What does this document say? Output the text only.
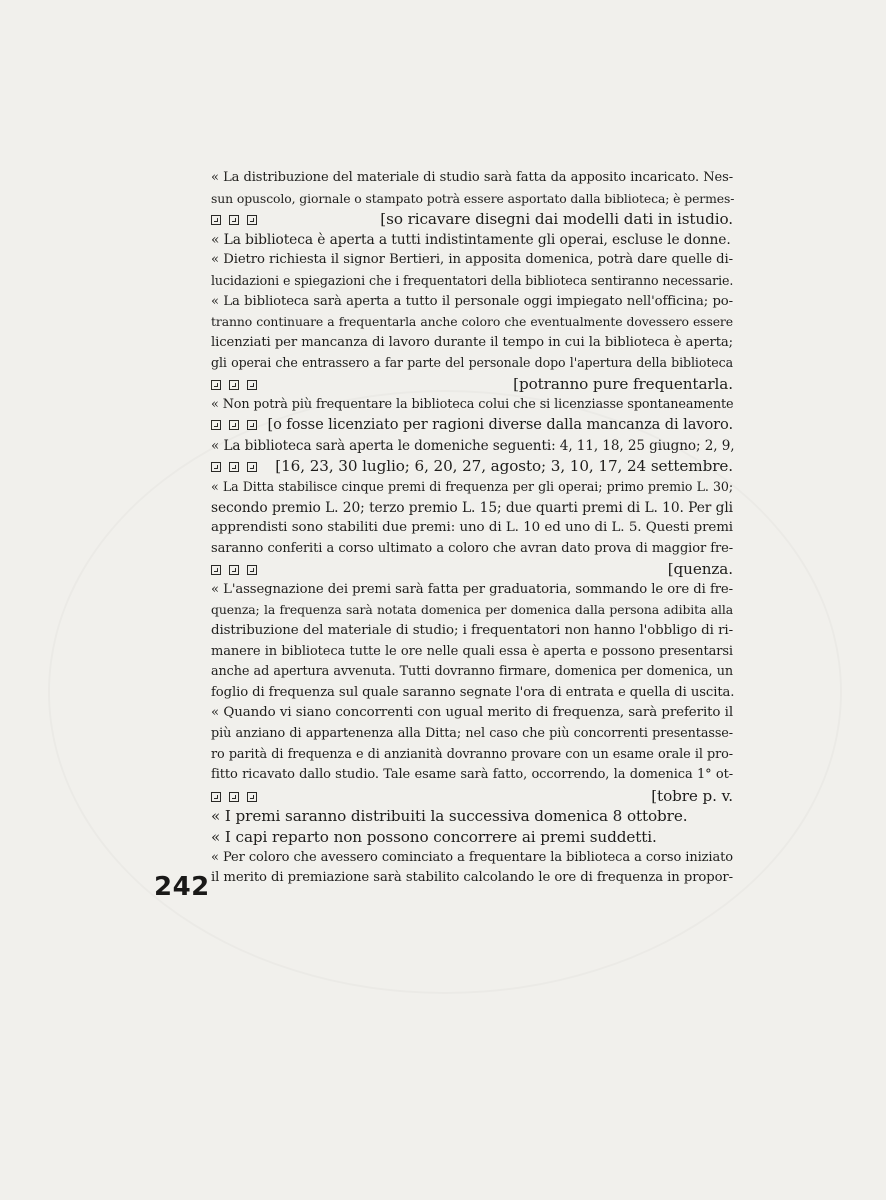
« La distribuzione del materiale di studio sarà fatta da apposito incaricato. Nes-
sun opuscolo, giornale o stampato potrà essere asportato dalla biblioteca; è permes-
[so ricavare disegni dai modelli dati in istudio.
« La biblioteca è aperta a tutti indistintamente gli operai, escluse le donne.
« Dietro richiesta il signor Bertieri, in apposita domenica, potrà dare quelle di-
lucidazioni e spiegazioni che i frequentatori della biblioteca sentiranno necessarie.
« La biblioteca sarà aperta a tutto il personale oggi impiegato nell'officina; po-
tranno continuare a frequentarla anche coloro che eventualmente dovessero essere
licenziati per mancanza di lavoro durante il tempo in cui la biblioteca è aperta;
gli operai che entrassero a far parte del personale dopo l'apertura della biblioteca
[potranno pure frequentarla.
« Non potrà più frequentare la biblioteca colui che si licenziasse spontaneamente
[o fosse licenziato per ragioni diverse dalla mancanza di lavoro.
« La biblioteca sarà aperta le domeniche seguenti: 4, 11, 18, 25 giugno; 2, 9,
[16, 23, 30 luglio; 6, 20, 27, agosto; 3, 10, 17, 24 settembre.
« La Ditta stabilisce cinque premi di frequenza per gli operai; primo premio L. 30;
secondo premio L. 20; terzo premio L. 15; due quarti premi di L. 10. Per gli
apprendisti sono stabiliti due premi: uno di L. 10 ed uno di L. 5. Questi premi
saranno conferiti a corso ultimato a coloro che avran dato prova di maggior fre-
[quenza.
« L'assegnazione dei premi sarà fatta per graduatoria, sommando le ore di fre-
quenza; la frequenza sarà notata domenica per domenica dalla persona adibita alla
distribuzione del materiale di studio; i frequentatori non hanno l'obbligo di ri-
manere in biblioteca tutte le ore nelle quali essa è aperta e possono presentarsi
anche ad apertura avvenuta. Tutti dovranno firmare, domenica per domenica, un
foglio di frequenza sul quale saranno segnate l'ora di entrata e quella di uscita.
« Quando vi siano concorrenti con ugual merito di frequenza, sarà preferito il
più anziano di appartenenza alla Ditta; nel caso che più concorrenti presentasse-
ro parità di frequenza e di anzianità dovranno provare con un esame orale il pro-
fitto ricavato dallo studio. Tale esame sarà fatto, occorrendo, la domenica 1° ot-
[tobre p. v.
« I premi saranno distribuiti la successiva domenica 8 ottobre.
« I capi reparto non possono concorrere ai premi suddetti.
« Per coloro che avessero cominciato a frequentare la biblioteca a corso iniziato
il merito di premiazione sarà stabilito calcolando le ore di frequenza in propor-
242
